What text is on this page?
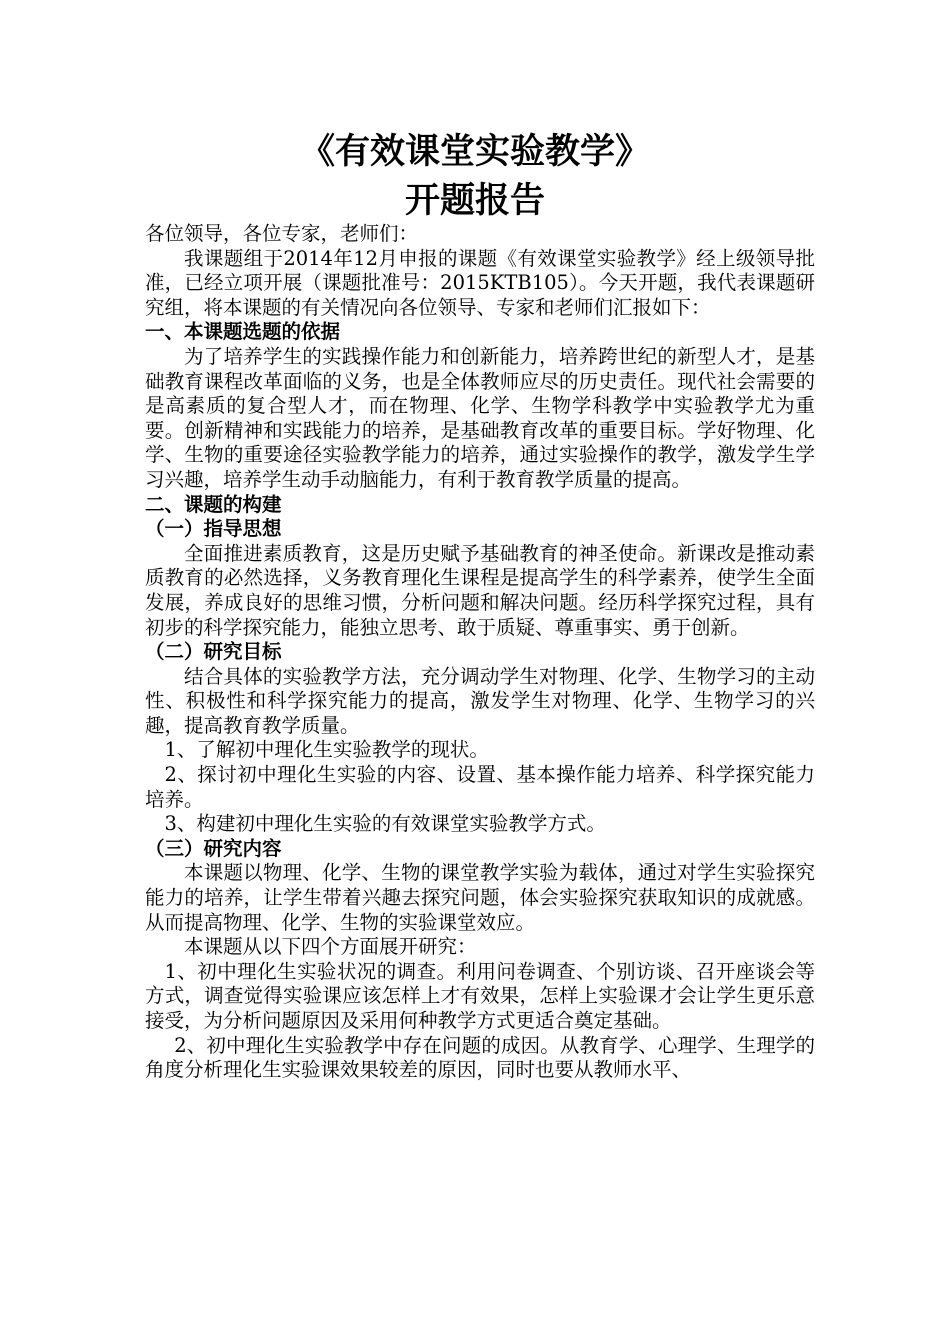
《有效课堂实验教学》
开题报告

各位领导，各位专家，老师们：

我课题组于2014年12月申报的课题《有效课堂实验教学》经上级领导批准，已经立项开展（课题批准号：2015KTB105）。今天开题，我代表课题研究组，将本课题的有关情况向各位领导、专家和老师们汇报如下：

一、本课题选题的依据

为了培养学生的实践操作能力和创新能力，培养跨世纪的新型人才，是基础教育课程改革面临的义务，也是全体教师应尽的历史责任。现代社会需要的是高素质的复合型人才，而在物理、化学、生物学科教学中实验教学尤为重要。创新精神和实践能力的培养，是基础教育改革的重要目标。学好物理、化学、生物的重要途径实验教学能力的培养，通过实验操作的教学，激发学生学习兴趣，培养学生动手动脑能力，有利于教育教学质量的提高。

二、课题的构建

（一）指导思想

全面推进素质教育，这是历史赋予基础教育的神圣使命。新课改是推动素质教育的必然选择，义务教育理化生课程是提高学生的科学素养，使学生全面发展，养成良好的思维习惯，分析问题和解决问题。经历科学探究过程，具有初步的科学探究能力，能独立思考、敢于质疑、尊重事实、勇于创新。

（二）研究目标

结合具体的实验教学方法，充分调动学生对物理、化学、生物学习的主动性、积极性和科学探究能力的提高，激发学生对物理、化学、生物学习的兴趣，提高教育教学质量。

1、了解初中理化生实验教学的现状。

2、探讨初中理化生实验的内容、设置、基本操作能力培养、科学探究能力培养。

3、构建初中理化生实验的有效课堂实验教学方式。

（三）研究内容

本课题以物理、化学、生物的课堂教学实验为载体，通过对学生实验探究能力的培养，让学生带着兴趣去探究问题，体会实验探究获取知识的成就感。从而提高物理、化学、生物的实验课堂效应。

本课题从以下四个方面展开研究：

1、初中理化生实验状况的调查。利用问卷调查、个别访谈、召开座谈会等方式，调查觉得实验课应该怎样上才有效果，怎样上实验课才会让学生更乐意接受，为分析问题原因及采用何种教学方式更适合奠定基础。

2、初中理化生实验教学中存在问题的成因。从教育学、心理学、生理学的角度分析理化生实验课效果较差的原因，同时也要从教师水平、
